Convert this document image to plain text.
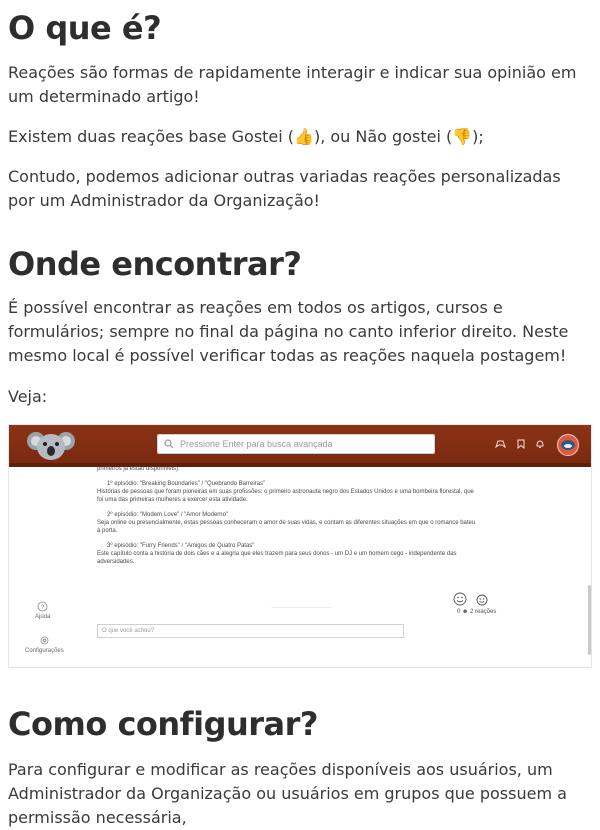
O que é?

Reações são formas de rapidamente interagir e indicar sua opinião em um determinado artigo!

Existem duas reações base Gostei (👍), ou Não gostei (👎);

Contudo, podemos adicionar outras variadas reações personalizadas por um Administrador da Organização!

Onde encontrar?

É possível encontrar as reações em todos os artigos, cursos e formulários; sempre no final da página no canto inferior direito. Neste mesmo local é possível verificar todas as reações naquela postagem!

Veja:

Pressione Enter para busca avançada
primeiros já estão disponíveis).
1º episódio: "Breaking Boundaries" / "Quebrando Barreiras"
Histórias de pessoas que foram pioneiras em suas profissões: o primeiro astronauta negro dos Estados Unidos e uma bombeira florestal, que
foi uma das primeiras mulheres a exercer esta atividade.
2º episódio: "Modern Love" / "Amor Moderno"
Seja online ou presencialmente, estas pessoas conheceram o amor de suas vidas, e contam as diferentes situações em que o romance bateu
à porta.
3º episódio: "Furry Friends" / "Amigos de Quatro Patas"
Este capítulo conta a história de dois cães e a alegria que eles trazem para seus donos - um DJ e um homem cego - independente das
adversidades.
?
Ajuda
Configurações

0 ☻ 2 reações
O que você achou?
Como configurar?

Para configurar e modificar as reações disponíveis aos usuários, um Administrador da Organização ou usuários em grupos que possuem a permissão necessária,
